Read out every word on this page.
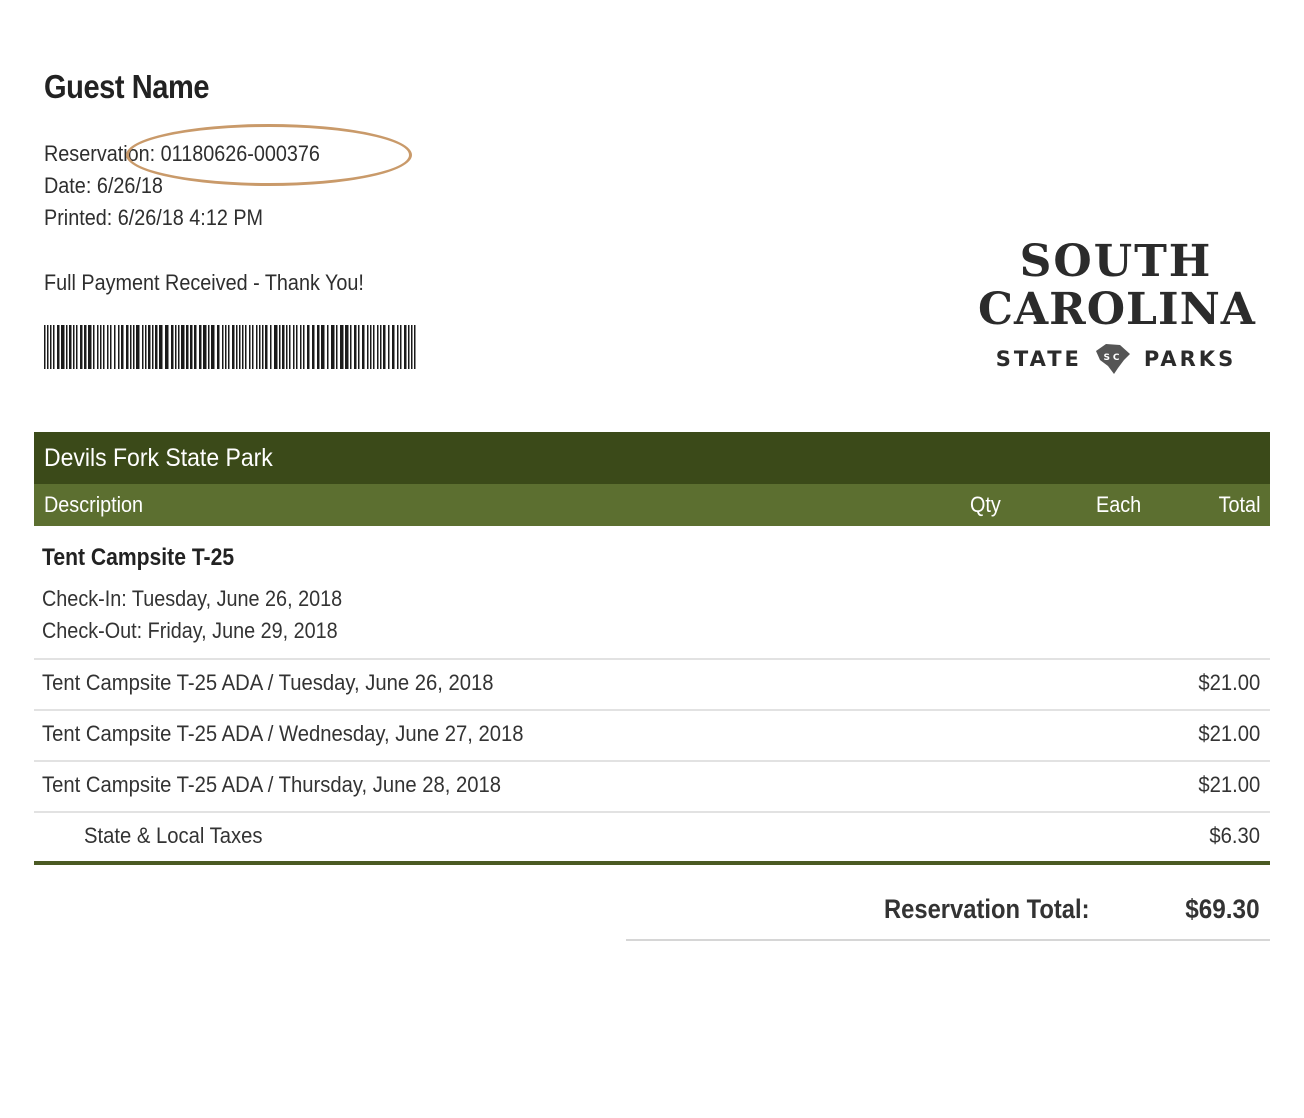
Guest Name
Reservation: 01180626-000376
Date: 6/26/18
Printed: 6/26/18 4:12 PM
Full Payment Received - Thank You!	SOUTH
CAROLINA
STATE SC PARKS
Devils Fork State Park
Description	Qty	Each	Total
Tent Campsite T-25
Check-In: Tuesday, June 26, 2018
Check-Out: Friday, June 29, 2018
Tent Campsite T-25 ADA / Tuesday, June 26, 2018	$21.00
Tent Campsite T-25 ADA / Wednesday, June 27, 2018	$21.00
Tent Campsite T-25 ADA / Thursday, June 28, 2018	$21.00
State & Local Taxes	$6.30
Reservation Total:	$69.30
